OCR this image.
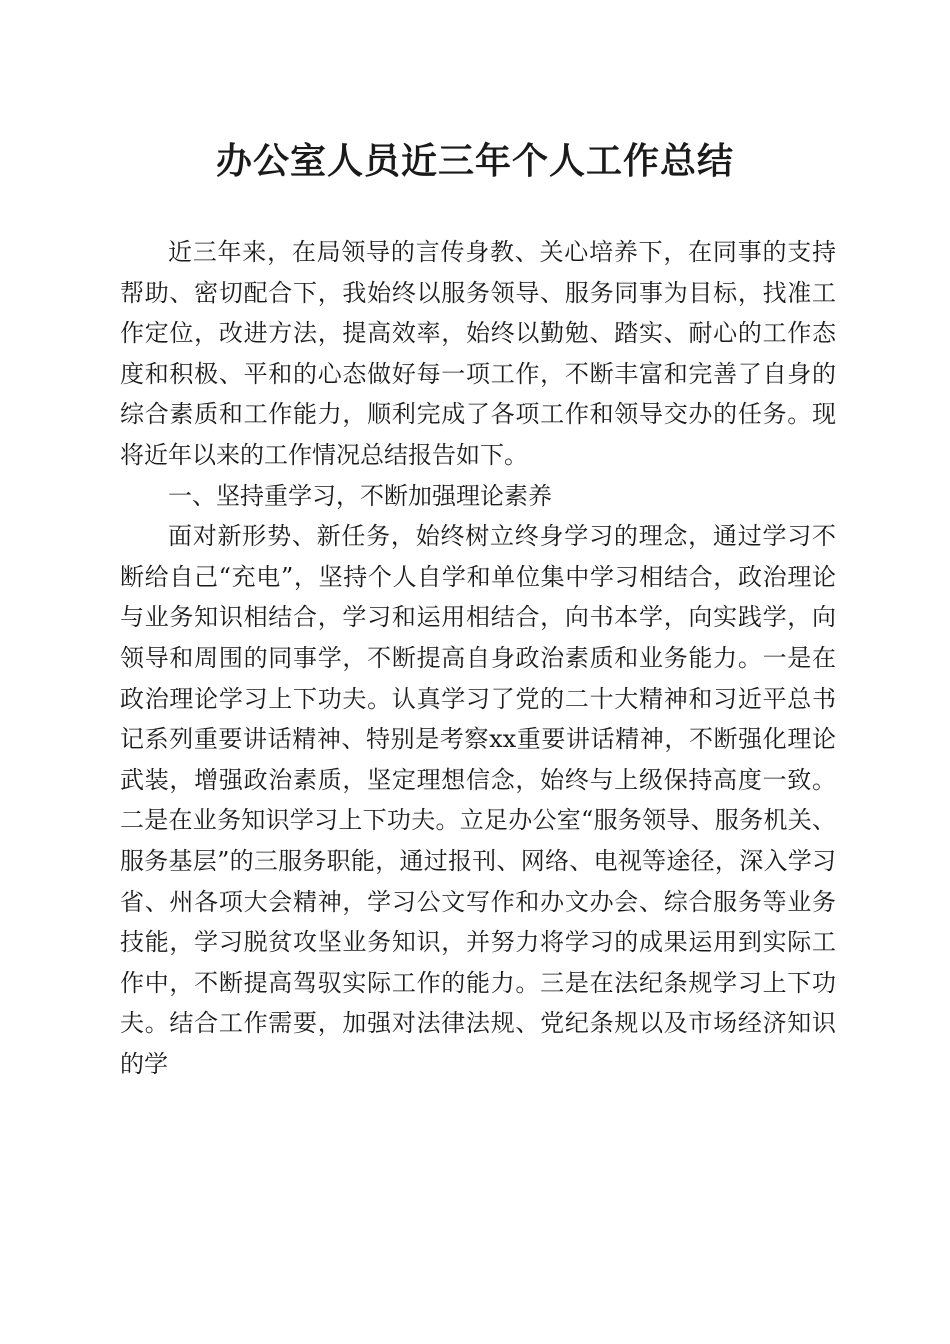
办公室人员近三年个人工作总结

近三年来，在局领导的言传身教、关心培养下，在同事的支持帮助、密切配合下，我始终以服务领导、服务同事为目标，找准工作定位，改进方法，提高效率，始终以勤勉、踏实、耐心的工作态度和积极、平和的心态做好每一项工作，不断丰富和完善了自身的综合素质和工作能力，顺利完成了各项工作和领导交办的任务。现将近年以来的工作情况总结报告如下。

一、坚持重学习，不断加强理论素养

面对新形势、新任务，始终树立终身学习的理念，通过学习不断给自己“充电”，坚持个人自学和单位集中学习相结合，政治理论与业务知识相结合，学习和运用相结合，向书本学，向实践学，向领导和周围的同事学，不断提高自身政治素质和业务能力。一是在政治理论学习上下功夫。认真学习了党的二十大精神和习近平总书记系列重要讲话精神、特别是考察xx重要讲话精神，不断强化理论武装，增强政治素质，坚定理想信念，始终与上级保持高度一致。二是在业务知识学习上下功夫。立足办公室“服务领导、服务机关、服务基层”的三服务职能，通过报刊、网络、电视等途径，深入学习省、州各项大会精神，学习公文写作和办文办会、综合服务等业务技能，学习脱贫攻坚业务知识，并努力将学习的成果运用到实际工作中，不断提高驾驭实际工作的能力。三是在法纪条规学习上下功夫。结合工作需要，加强对法律法规、党纪条规以及市场经济知识的学
